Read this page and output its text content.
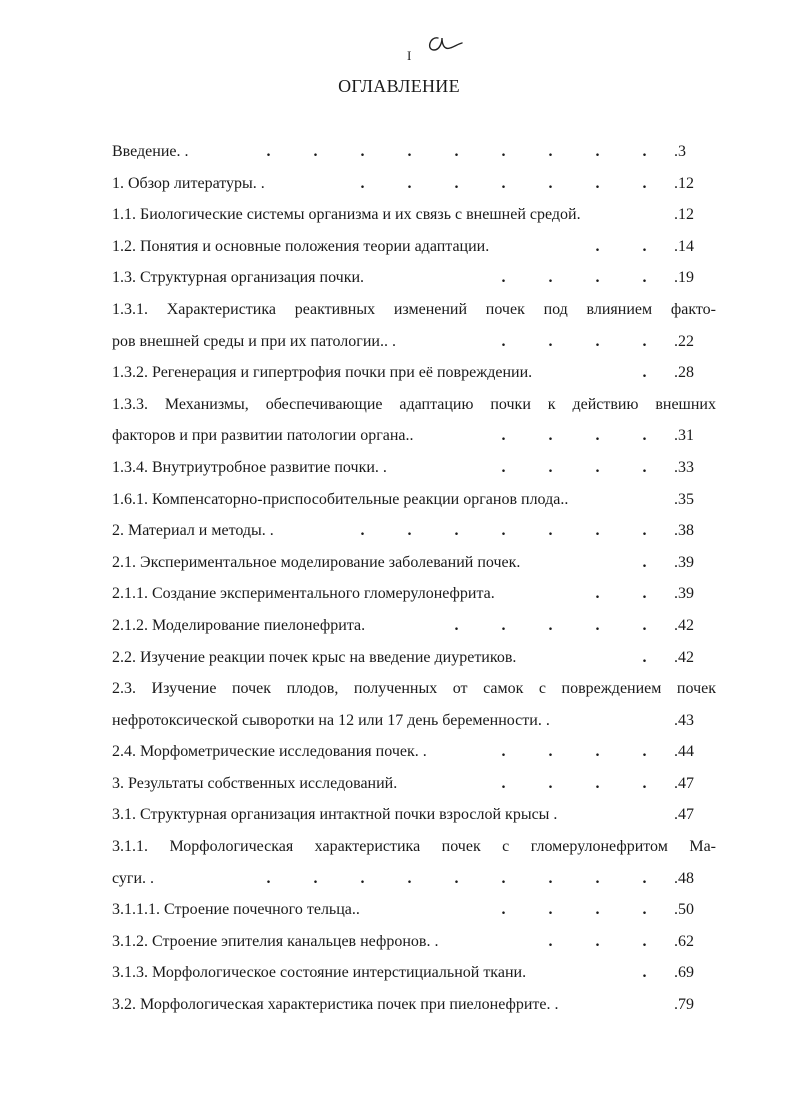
I
ОГЛАВЛЕНИЕ
Введение. .	.	.	.	.	.	.	.	.	.	.3
1. Обзор литературы. .	.	.	.	.	.	.	.	.12
1.1. Биологические системы организма и их связь с внешней средой.	.12
1.2. Понятия и основные положения теории адаптации.	.	.	.14
1.3. Структурная организация почки.	.	.	.	.	.19
1.3.1. Характеристика реактивных изменений почек под влиянием факто-
ров внешней среды и при их патологии.. .	.	.	.	.	.22
1.3.2. Регенерация и гипертрофия почки при её повреждении.	.	.28
1.3.3. Механизмы, обеспечивающие адаптацию почки к действию внешних
факторов и при развитии патологии органа..	.	.	.	.	.31
1.3.4. Внутриутробное развитие почки. .	.	.	.	.	.33
1.6.1. Компенсаторно-приспособительные реакции органов плода..	.35
2. Материал и методы. .	.	.	.	.	.	.	.	.38
2.1. Экспериментальное моделирование заболеваний почек.	.	.39
2.1.1. Создание экспериментального гломерулонефрита.	.	.	.39
2.1.2. Моделирование пиелонефрита.	.	.	.	.	.	.42
2.2. Изучение реакции почек крыс на введение диуретиков.	.	.42
2.3. Изучение почек плодов, полученных от самок с повреждением почек
нефротоксической сыворотки на 12 или 17 день беременности. .	.43
2.4. Морфометрические исследования почек. .	.	.	.	.	.44
3. Результаты собственных исследований.	.	.	.	.	.47
3.1. Структурная организация интактной почки взрослой крысы .	.47
3.1.1. Морфологическая характеристика почек с гломерулонефритом Ма-
суги. .	.	.	.	.	.	.	.	.	.	.48
3.1.1.1. Строение почечного тельца..	.	.	.	.	.50
3.1.2. Строение эпителия канальцев нефронов. .	.	.	.	.62
3.1.3. Морфологическое состояние интерстициальной ткани.	.	.69
3.2. Морфологическая характеристика почек при пиелонефрите. .	.79
